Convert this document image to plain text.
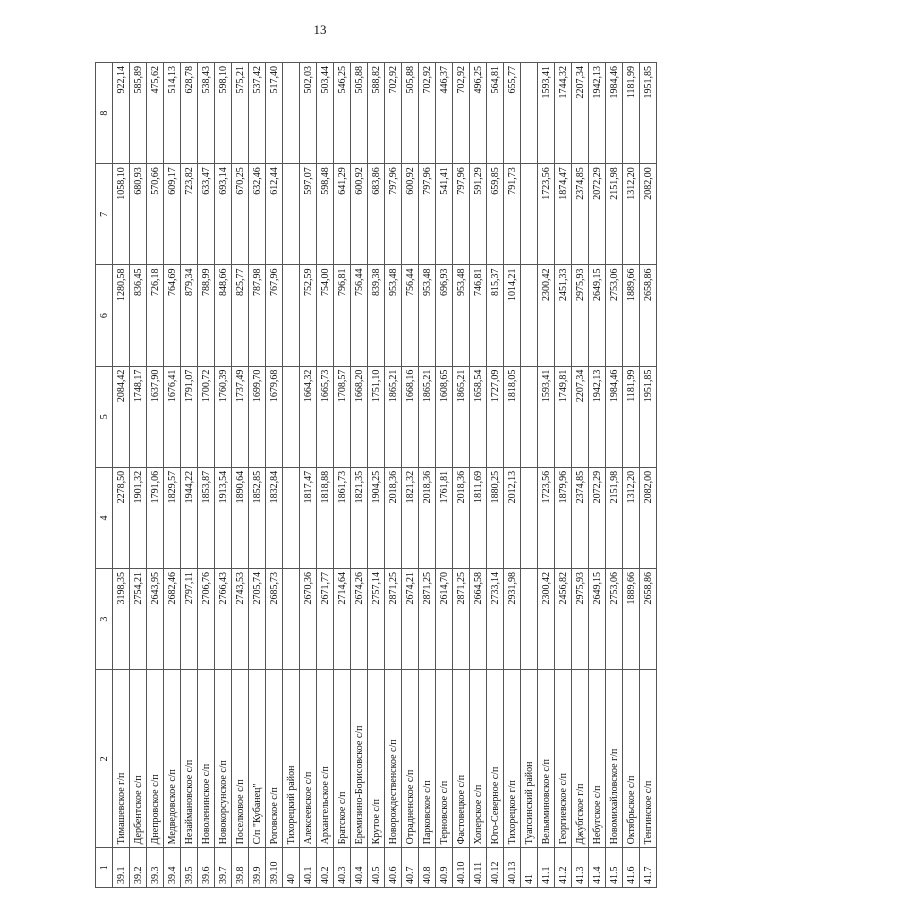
13
1	2	3	4	5	6	7	8
39.1	Тимашевское г/п	3198,35	2278,50	2084,42	1280,58	1058,10	922,14
39.2	Дербентское с/п	2754,21	1901,32	1748,17	836,45	680,93	585,89
39.3	Днепровское с/п	2643,95	1791,06	1637,90	726,18	570,66	475,62
39.4	Медведовское с/п	2682,46	1829,57	1676,41	764,69	609,17	514,13
39.5	Незаймановское с/п	2797,11	1944,22	1791,07	879,34	723,82	628,78
39.6	Новоленинское с/п	2706,76	1853,87	1700,72	788,99	633,47	538,43
39.7	Новокорсунское с/п	2766,43	1913,54	1760,39	848,66	693,14	598,10
39.8	Поселковое с/п	2743,53	1890,64	1737,49	825,77	670,25	575,21
39.9	С/п "Кубанец"	2705,74	1852,85	1699,70	787,98	632,46	537,42
39.10	Роговское с/п	2685,73	1832,84	1679,68	767,96	612,44	517,40
40	Тихорецкий район						
40.1	Алексеевское с/п	2670,36	1817,47	1664,32	752,59	597,07	502,03
40.2	Архангельское с/п	2671,77	1818,88	1665,73	754,00	598,48	503,44
40.3	Братское с/п	2714,64	1861,73	1708,57	796,81	641,29	546,25
40.4	Еремизино-Борисовское с/п	2674,26	1821,35	1668,20	756,44	600,92	505,88
40.5	Крутое с/п	2757,14	1904,25	1751,10	839,38	683,86	588,82
40.6	Новорождественское с/п	2871,25	2018,36	1865,21	953,48	797,96	702,92
40.7	Отрадненское с/п	2674,21	1821,32	1668,16	756,44	600,92	505,88
40.8	Парковское с/п	2871,25	2018,36	1865,21	953,48	797,96	702,92
40.9	Терновское с/п	2614,70	1761,81	1608,65	696,93	541,41	446,37
40.10	Фастовецкое с/п	2871,25	2018,36	1865,21	953,48	797,96	702,92
40.11	Хоперское с/п	2664,58	1811,69	1658,54	746,81	591,29	496,25
40.12	Юго-Северное с/п	2733,14	1880,25	1727,09	815,37	659,85	564,81
40.13	Тихорецкое г/п	2931,98	2012,13	1818,05	1014,21	791,73	655,77
41	Туапсинский район						
41.1	Вельяминовское с/п	2300,42	1723,56	1593,41	2300,42	1723,56	1593,41
41.2	Георгиевское с/п	2456,82	1879,96	1749,81	2451,33	1874,47	1744,32
41.3	Джубгское г/п	2975,93	2374,85	2207,34	2975,93	2374,85	2207,34
41.4	Небугское с/п	2649,15	2072,29	1942,13	2649,15	2072,29	1942,13
41.5	Новомихайловское г/п	2753,06	2151,98	1984,46	2753,06	2151,98	1984,46
41.6	Октябрьское с/п	1889,66	1312,20	1181,99	1889,66	1312,20	1181,99
41.7	Тенгинское с/п	2658,86	2082,00	1951,85	2658,86	2082,00	1951,85
